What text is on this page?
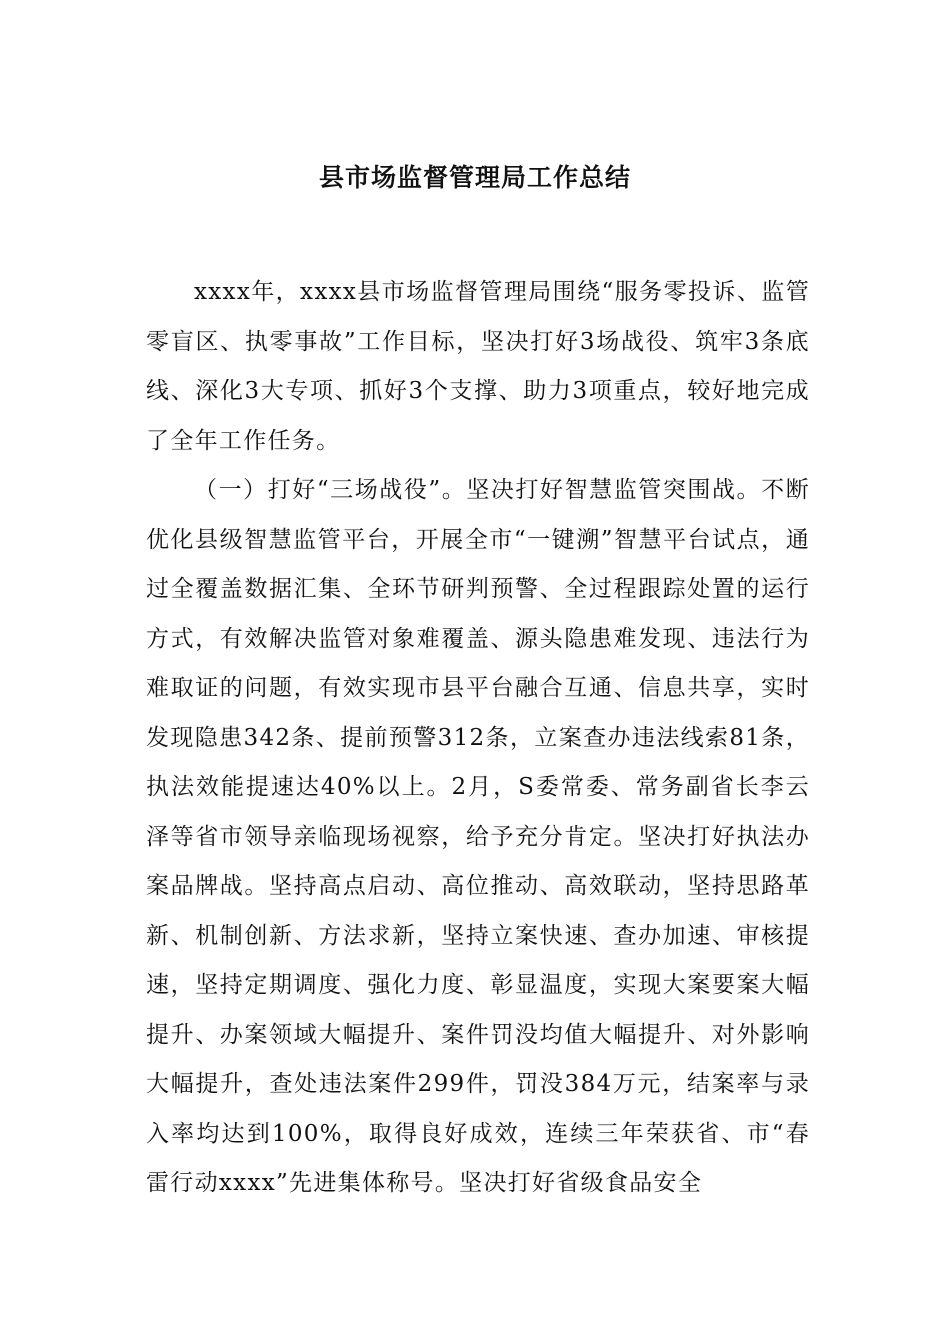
县市场监督管理局工作总结

xxxx年，xxxx县市场监督管理局围绕“服务零投诉、监管零盲区、执零事故”工作目标，坚决打好3场战役、筑牢3条底线、深化3大专项、抓好3个支撑、助力3项重点，较好地完成了全年工作任务。

（一）打好“三场战役”。坚决打好智慧监管突围战。不断优化县级智慧监管平台，开展全市“一键溯”智慧平台试点，通过全覆盖数据汇集、全环节研判预警、全过程跟踪处置的运行方式，有效解决监管对象难覆盖、源头隐患难发现、违法行为难取证的问题，有效实现市县平台融合互通、信息共享，实时发现隐患342条、提前预警312条，立案查办违法线索81条，执法效能提速达40%以上。2月，S委常委、常务副省长李云泽等省市领导亲临现场视察，给予充分肯定。坚决打好执法办案品牌战。坚持高点启动、高位推动、高效联动，坚持思路革新、机制创新、方法求新，坚持立案快速、查办加速、审核提速，坚持定期调度、强化力度、彰显温度，实现大案要案大幅提升、办案领域大幅提升、案件罚没均值大幅提升、对外影响大幅提升，查处违法案件299件，罚没384万元，结案率与录入率均达到100%，取得良好成效，连续三年荣获省、市“春雷行动xxxx”先进集体称号。坚决打好省级食品安全
